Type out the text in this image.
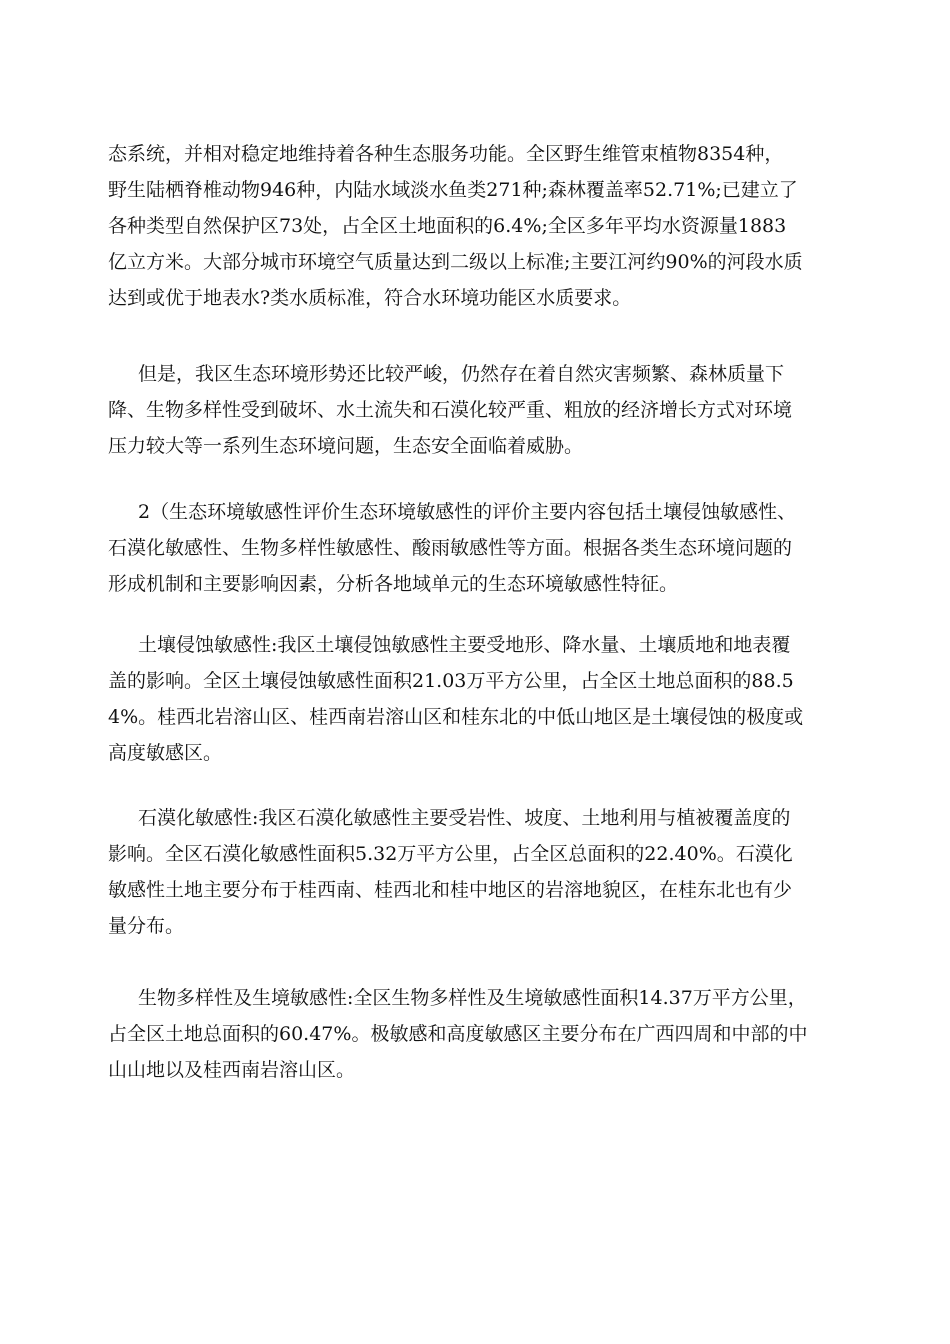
态系统，并相对稳定地维持着各种生态服务功能。全区野生维管束植物8354种，
野生陆栖脊椎动物946种，内陆水域淡水鱼类271种;森林覆盖率52.71%;已建立了
各种类型自然保护区73处，占全区土地面积的6.4%;全区多年平均水资源量1883
亿立方米。大部分城市环境空气质量达到二级以上标准;主要江河约90%的河段水质
达到或优于地表水?类水质标准，符合水环境功能区水质要求。

但是，我区生态环境形势还比较严峻，仍然存在着自然灾害频繁、森林质量下
降、生物多样性受到破坏、水土流失和石漠化较严重、粗放的经济增长方式对环境
压力较大等一系列生态环境问题，生态安全面临着威胁。

2（生态环境敏感性评价生态环境敏感性的评价主要内容包括土壤侵蚀敏感性、
石漠化敏感性、生物多样性敏感性、酸雨敏感性等方面。根据各类生态环境问题的
形成机制和主要影响因素，分析各地域单元的生态环境敏感性特征。

土壤侵蚀敏感性:我区土壤侵蚀敏感性主要受地形、降水量、土壤质地和地表覆
盖的影响。全区土壤侵蚀敏感性面积21.03万平方公里，占全区土地总面积的88.5
4%。桂西北岩溶山区、桂西南岩溶山区和桂东北的中低山地区是土壤侵蚀的极度或
高度敏感区。

石漠化敏感性:我区石漠化敏感性主要受岩性、坡度、土地利用与植被覆盖度的
影响。全区石漠化敏感性面积5.32万平方公里，占全区总面积的22.40%。石漠化
敏感性土地主要分布于桂西南、桂西北和桂中地区的岩溶地貌区，在桂东北也有少
量分布。

生物多样性及生境敏感性:全区生物多样性及生境敏感性面积14.37万平方公里，
占全区土地总面积的60.47%。极敏感和高度敏感区主要分布在广西四周和中部的中
山山地以及桂西南岩溶山区。
